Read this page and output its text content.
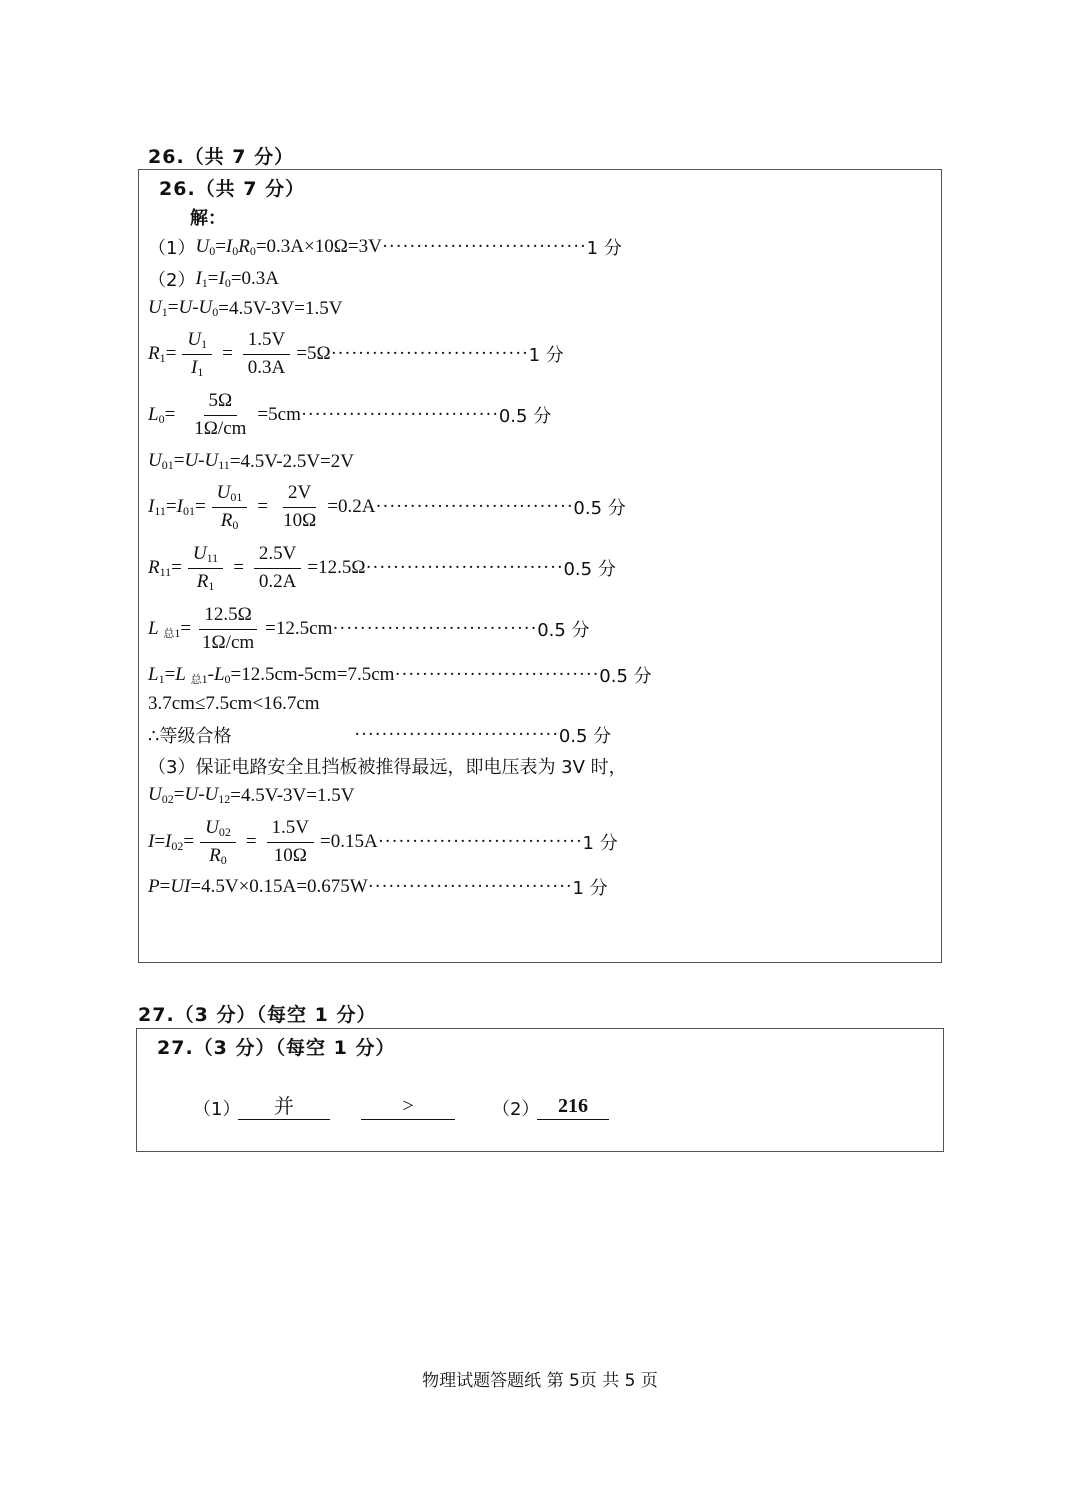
26.（共 7 分）
26.（共 7 分）
解：
（1） $U_0=I_0R_0 =0.3A\times 10\Omega=3V$ ······························ 1 分
（2） $I_1=I_0 =0.3A$
$U_1=U-U_0 =4.5V-3V=1.5V$
$R_1= \frac{U_1}{I_1} = \frac{1.5V}{0.3A} =5\Omega$ ····························· 1 分
$L_0= \frac{5\Omega}{1\Omega/cm} =5cm$ ····························· 0.5 分
$U_{01}=U-U_{11} =4.5V-2.5V=2V$
$I_{11}=I_{01}= \frac{U_{01}}{R_0} = \frac{2V}{10\Omega} =0.2A$ ····························· 0.5 分
$R_{11}= \frac{U_{11}}{R_1} = \frac{2.5V}{0.2A} =12.5\Omega$ ····························· 0.5 分
L $_{总1}= \frac{12.5\Omega}{1\Omega/cm} =12.5cm$ ······························ 0.5 分
$L_1=L$ $_{总1}-L_0 =12.5cm-5cm=7.5cm$ ······························ 0.5 分
3.7cm≤7.5cm<16.7cm
∴等级合格	······························ 0.5 分
（3）保证电路安全且挡板被推得最远，即电压表为 3V 时，
$U_{02}=U-U_{12} =4.5V-3V=1.5V$
$I=I_{02}= \frac{U_{02}}{R_0} = \frac{1.5V}{10\Omega} =0.15A$ ······························ 1 分
P=UI =4.5V×0.15A=0.675W ······························ 1 分
27.（3 分）（每空 1 分）
27.（3 分）（每空 1 分）
（1）	并	>	（2） 216
物理试题答题纸 第 5页 共 5 页
